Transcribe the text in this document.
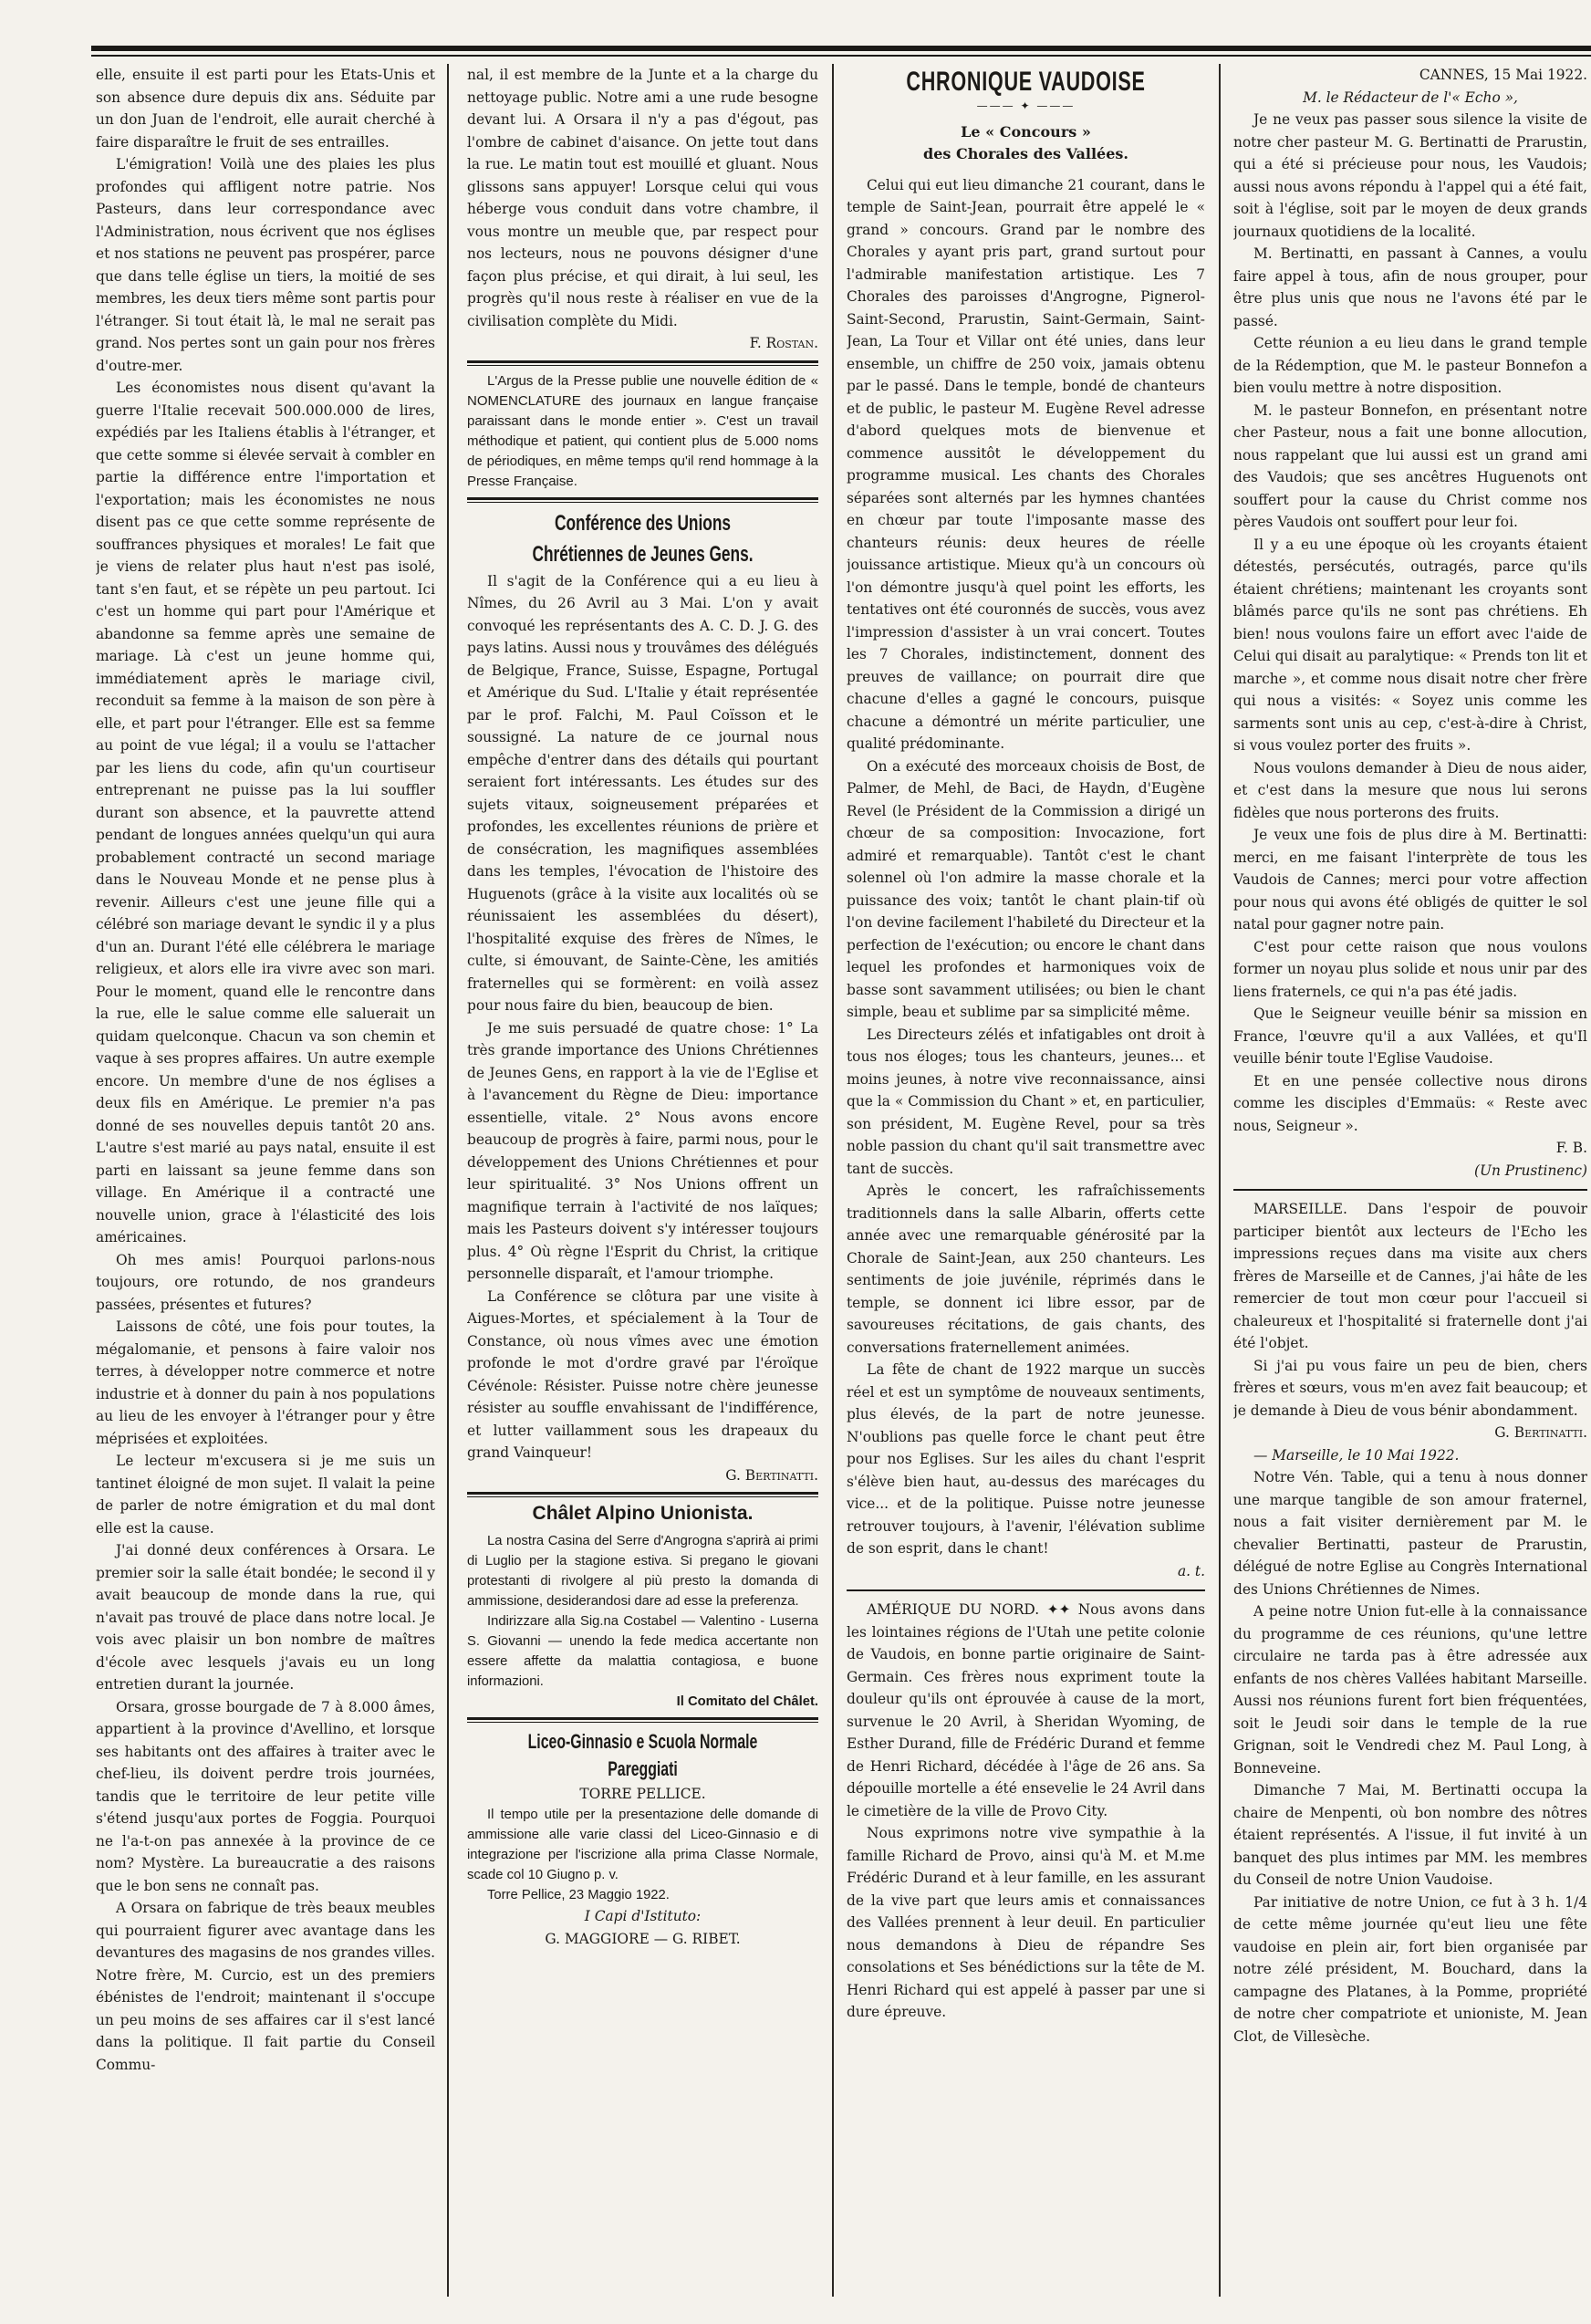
elle, ensuite il est parti pour les Etats-Unis et son absence dure depuis dix ans. Séduite par un don Juan de l'endroit, elle aurait cherché à faire disparaître le fruit de ses entrailles.

L'émigration! Voilà une des plaies les plus profondes qui affligent notre patrie. Nos Pasteurs, dans leur correspondance avec l'Administration, nous écrivent que nos églises et nos stations ne peuvent pas prospérer, parce que dans telle église un tiers, la moitié de ses membres, les deux tiers même sont partis pour l'étranger. Si tout était là, le mal ne serait pas grand. Nos pertes sont un gain pour nos frères d'outre-mer.

Les économistes nous disent qu'avant la guerre l'Italie recevait 500.000.000 de lires, expédiés par les Italiens établis à l'étranger, et que cette somme si élevée servait à combler en partie la différence entre l'importation et l'exportation; mais les économistes ne nous disent pas ce que cette somme représente de souffrances physiques et morales! Le fait que je viens de relater plus haut n'est pas isolé, tant s'en faut, et se répète un peu partout. Ici c'est un homme qui part pour l'Amérique et abandonne sa femme après une semaine de mariage. Là c'est un jeune homme qui, immédiatement après le mariage civil, reconduit sa femme à la maison de son père à elle, et part pour l'étranger. Elle est sa femme au point de vue légal; il a voulu se l'attacher par les liens du code, afin qu'un courtiseur entreprenant ne puisse pas la lui souffler durant son absence, et la pauvrette attend pendant de longues années quelqu'un qui aura probablement contracté un second mariage dans le Nouveau Monde et ne pense plus à revenir. Ailleurs c'est une jeune fille qui a célébré son mariage devant le syndic il y a plus d'un an. Durant l'été elle célébrera le mariage religieux, et alors elle ira vivre avec son mari. Pour le moment, quand elle le rencontre dans la rue, elle le salue comme elle saluerait un quidam quelconque. Chacun va son chemin et vaque à ses propres affaires. Un autre exemple encore. Un membre d'une de nos églises a deux fils en Amérique. Le premier n'a pas donné de ses nouvelles depuis tantôt 20 ans. L'autre s'est marié au pays natal, ensuite il est parti en laissant sa jeune femme dans son village. En Amérique il a contracté une nouvelle union, grace à l'élasticité des lois américaines.

Oh mes amis! Pourquoi parlons-nous toujours, ore rotundo, de nos grandeurs passées, présentes et futures?

Laissons de côté, une fois pour toutes, la mégalomanie, et pensons à faire valoir nos terres, à développer notre commerce et notre industrie et à donner du pain à nos populations au lieu de les envoyer à l'étranger pour y être méprisées et exploitées.

Le lecteur m'excusera si je me suis un tantinet éloigné de mon sujet. Il valait la peine de parler de notre émigration et du mal dont elle est la cause.

J'ai donné deux conférences à Orsara. Le premier soir la salle était bondée; le second il y avait beaucoup de monde dans la rue, qui n'avait pas trouvé de place dans notre local. Je vois avec plaisir un bon nombre de maîtres d'école avec lesquels j'avais eu un long entretien durant la journée.

Orsara, grosse bourgade de 7 à 8.000 âmes, appartient à la province d'Avellino, et lorsque ses habitants ont des affaires à traiter avec le chef-lieu, ils doivent perdre trois journées, tandis que le territoire de leur petite ville s'étend jusqu'aux portes de Foggia. Pourquoi ne l'a-t-on pas annexée à la province de ce nom? Mystère. La bureaucratie a des raisons que le bon sens ne connaît pas.

A Orsara on fabrique de très beaux meubles qui pourraient figurer avec avantage dans les devantures des magasins de nos grandes villes. Notre frère, M. Curcio, est un des premiers ébénistes de l'endroit; maintenant il s'occupe un peu moins de ses affaires car il s'est lancé dans la politique. Il fait partie du Conseil Commu-

nal, il est membre de la Junte et a la charge du nettoyage public. Notre ami a une rude besogne devant lui. A Orsara il n'y a pas d'égout, pas l'ombre de cabinet d'aisance. On jette tout dans la rue. Le matin tout est mouillé et gluant. Nous glissons sans appuyer! Lorsque celui qui vous héberge vous conduit dans votre chambre, il vous montre un meuble que, par respect pour nos lecteurs, nous ne pouvons désigner d'une façon plus précise, et qui dirait, à lui seul, les progrès qu'il nous reste à réaliser en vue de la civilisation complète du Midi.

F. Rostan.

L'Argus de la Presse publie une nouvelle édition de « NOMENCLATURE des journaux en langue française paraissant dans le monde entier ». C'est un travail méthodique et patient, qui contient plus de 5.000 noms de périodiques, en même temps qu'il rend hommage à la Presse Française.

Conférence des Unions Chrétiennes de Jeunes Gens.

Il s'agit de la Conférence qui a eu lieu à Nîmes, du 26 Avril au 3 Mai. L'on y avait convoqué les représentants des A. C. D. J. G. des pays latins. Aussi nous y trouvâmes des délégués de Belgique, France, Suisse, Espagne, Portugal et Amérique du Sud. L'Italie y était représentée par le prof. Falchi, M. Paul Coïsson et le soussigné. La nature de ce journal nous empêche d'entrer dans des détails qui pourtant seraient fort intéressants. Les études sur des sujets vitaux, soigneusement préparées et profondes, les excellentes réunions de prière et de consécration, les magnifiques assemblées dans les temples, l'évocation de l'histoire des Huguenots (grâce à la visite aux localités où se réunissaient les assemblées du désert), l'hospitalité exquise des frères de Nîmes, le culte, si émouvant, de Sainte-Cène, les amitiés fraternelles qui se formèrent: en voilà assez pour nous faire du bien, beaucoup de bien.

Je me suis persuadé de quatre chose: 1° La très grande importance des Unions Chrétiennes de Jeunes Gens, en rapport à la vie de l'Eglise et à l'avancement du Règne de Dieu: importance essentielle, vitale. 2° Nous avons encore beaucoup de progrès à faire, parmi nous, pour le développement des Unions Chrétiennes et pour leur spiritualité. 3° Nos Unions offrent un magnifique terrain à l'activité de nos laïques; mais les Pasteurs doivent s'y intéresser toujours plus. 4° Où règne l'Esprit du Christ, la critique personnelle disparaît, et l'amour triomphe.

La Conférence se clôtura par une visite à Aigues-Mortes, et spécialement à la Tour de Constance, où nous vîmes avec une émotion profonde le mot d'ordre gravé par l'éroïque Cévénole: Résister. Puisse notre chère jeunesse résister au souffle envahissant de l'indifférence, et lutter vaillamment sous les drapeaux du grand Vainqueur!

G. Bertinatti.
Châlet Alpino Unionista.

La nostra Casina del Serre d'Angrogna s'aprirà ai primi di Luglio per la stagione estiva. Si pregano le giovani protestanti di rivolgere al più presto la domanda di ammissione, desiderandosi dare ad esse la preferenza.

Indirizzare alla Sig.na Costabel — Valentino - Luserna S. Giovanni — unendo la fede medica accertante non essere affette da malattia contagiosa, e buone informazioni.

Il Comitato del Châlet.
Liceo-Ginnasio e Scuola Normale Pareggiati
TORRE PELLICE.

Il tempo utile per la presentazione delle domande di ammissione alle varie classi del Liceo-Ginnasio e di integrazione per l'iscrizione alla prima Classe Normale, scade col 10 Giugno p. v.

Torre Pellice, 23 Maggio 1922.

I Capi d'Istituto:
G. MAGGIORE — G. RIBET.
CHRONIQUE VAUDOISE
——— ✦ ———
Le « Concours »
des Chorales des Vallées.

Celui qui eut lieu dimanche 21 courant, dans le temple de Saint-Jean, pourrait être appelé le « grand » concours. Grand par le nombre des Chorales y ayant pris part, grand surtout pour l'admirable manifestation artistique. Les 7 Chorales des paroisses d'Angrogne, Pignerol-Saint-Second, Prarustin, Saint-Germain, Saint-Jean, La Tour et Villar ont été unies, dans leur ensemble, un chiffre de 250 voix, jamais obtenu par le passé. Dans le temple, bondé de chanteurs et de public, le pasteur M. Eugène Revel adresse d'abord quelques mots de bienvenue et commence aussitôt le développement du programme musical. Les chants des Chorales séparées sont alternés par les hymnes chantées en chœur par toute l'imposante masse des chanteurs réunis: deux heures de réelle jouissance artistique. Mieux qu'à un concours où l'on démontre jusqu'à quel point les efforts, les tentatives ont été couronnés de succès, vous avez l'impression d'assister à un vrai concert. Toutes les 7 Chorales, indistinctement, donnent des preuves de vaillance; on pourrait dire que chacune d'elles a gagné le concours, puisque chacune a démontré un mérite particulier, une qualité prédominante.

On a exécuté des morceaux choisis de Bost, de Palmer, de Mehl, de Baci, de Haydn, d'Eugène Revel (le Président de la Commission a dirigé un chœur de sa composition: Invocazione, fort admiré et remarquable). Tantôt c'est le chant solennel où l'on admire la masse chorale et la puissance des voix; tantôt le chant plain-tif où l'on devine facilement l'habileté du Directeur et la perfection de l'exécution; ou encore le chant dans lequel les profondes et harmoniques voix de basse sont savamment utilisées; ou bien le chant simple, beau et sublime par sa simplicité même.

Les Directeurs zélés et infatigables ont droit à tous nos éloges; tous les chanteurs, jeunes... et moins jeunes, à notre vive reconnaissance, ainsi que la « Commission du Chant » et, en particulier, son président, M. Eugène Revel, pour sa très noble passion du chant qu'il sait transmettre avec tant de succès.

Après le concert, les rafraîchissements traditionnels dans la salle Albarin, offerts cette année avec une remarquable générosité par la Chorale de Saint-Jean, aux 250 chanteurs. Les sentiments de joie juvénile, réprimés dans le temple, se donnent ici libre essor, par de savoureuses récitations, de gais chants, des conversations fraternellement animées.

La fête de chant de 1922 marque un succès réel et est un symptôme de nouveaux sentiments, plus élevés, de la part de notre jeunesse. N'oublions pas quelle force le chant peut être pour nos Eglises. Sur les ailes du chant l'esprit s'élève bien haut, au-dessus des marécages du vice... et de la politique. Puisse notre jeunesse retrouver toujours, à l'avenir, l'élévation sublime de son esprit, dans le chant!

a. t.

AMÉRIQUE DU NORD. ✦✦ Nous avons dans les lointaines régions de l'Utah une petite colonie de Vaudois, en bonne partie originaire de Saint-Germain. Ces frères nous expriment toute la douleur qu'ils ont éprouvée à cause de la mort, survenue le 20 Avril, à Sheridan Wyoming, de Esther Durand, fille de Frédéric Durand et femme de Henri Richard, décédée à l'âge de 26 ans. Sa dépouille mortelle a été ensevelie le 24 Avril dans le cimetière de la ville de Provo City.

Nous exprimons notre vive sympathie à la famille Richard de Provo, ainsi qu'à M. et M.me Frédéric Durand et à leur famille, en les assurant de la vive part que leurs amis et connaissances des Vallées prennent à leur deuil. En particulier nous demandons à Dieu de répandre Ses consolations et Ses bénédictions sur la tête de M. Henri Richard qui est appelé à passer par une si dure épreuve.

CANNES, 15 Mai 1922.
M. le Rédacteur de l'« Echo »,

Je ne veux pas passer sous silence la visite de notre cher pasteur M. G. Bertinatti de Prarustin, qui a été si précieuse pour nous, les Vaudois; aussi nous avons répondu à l'appel qui a été fait, soit à l'église, soit par le moyen de deux grands journaux quotidiens de la localité.

M. Bertinatti, en passant à Cannes, a voulu faire appel à tous, afin de nous grouper, pour être plus unis que nous ne l'avons été par le passé.

Cette réunion a eu lieu dans le grand temple de la Rédemption, que M. le pasteur Bonnefon a bien voulu mettre à notre disposition.

M. le pasteur Bonnefon, en présentant notre cher Pasteur, nous a fait une bonne allocution, nous rappelant que lui aussi est un grand ami des Vaudois; que ses ancêtres Huguenots ont souffert pour la cause du Christ comme nos pères Vaudois ont souffert pour leur foi.

Il y a eu une époque où les croyants étaient détestés, persécutés, outragés, parce qu'ils étaient chrétiens; maintenant les croyants sont blâmés parce qu'ils ne sont pas chrétiens. Eh bien! nous voulons faire un effort avec l'aide de Celui qui disait au paralytique: « Prends ton lit et marche », et comme nous disait notre cher frère qui nous a visités: « Soyez unis comme les sarments sont unis au cep, c'est-à-dire à Christ, si vous voulez porter des fruits ».

Nous voulons demander à Dieu de nous aider, et c'est dans la mesure que nous lui serons fidèles que nous porterons des fruits.

Je veux une fois de plus dire à M. Bertinatti: merci, en me faisant l'interprète de tous les Vaudois de Cannes; merci pour votre affection pour nous qui avons été obligés de quitter le sol natal pour gagner notre pain.

C'est pour cette raison que nous voulons former un noyau plus solide et nous unir par des liens fraternels, ce qui n'a pas été jadis.

Que le Seigneur veuille bénir sa mission en France, l'œuvre qu'il a aux Vallées, et qu'Il veuille bénir toute l'Eglise Vaudoise.

Et en une pensée collective nous dirons comme les disciples d'Emmaüs: « Reste avec nous, Seigneur ».

F. B.
(Un Prustinenc)

MARSEILLE. Dans l'espoir de pouvoir participer bientôt aux lecteurs de l'Echo les impressions reçues dans ma visite aux chers frères de Marseille et de Cannes, j'ai hâte de les remercier de tout mon cœur pour l'accueil si chaleureux et l'hospitalité si fraternelle dont j'ai été l'objet.

Si j'ai pu vous faire un peu de bien, chers frères et sœurs, vous m'en avez fait beaucoup; et je demande à Dieu de vous bénir abondamment.

G. Bertinatti.

— Marseille, le 10 Mai 1922.

Notre Vén. Table, qui a tenu à nous donner une marque tangible de son amour fraternel, nous a fait visiter dernièrement par M. le chevalier Bertinatti, pasteur de Prarustin, délégué de notre Eglise au Congrès International des Unions Chrétiennes de Nimes.

A peine notre Union fut-elle à la connaissance du programme de ces réunions, qu'une lettre circulaire ne tarda pas à être adressée aux enfants de nos chères Vallées habitant Marseille. Aussi nos réunions furent fort bien fréquentées, soit le Jeudi soir dans le temple de la rue Grignan, soit le Vendredi chez M. Paul Long, à Bonneveine.

Dimanche 7 Mai, M. Bertinatti occupa la chaire de Menpenti, où bon nombre des nôtres étaient représentés. A l'issue, il fut invité à un banquet des plus intimes par MM. les membres du Conseil de notre Union Vaudoise.

Par initiative de notre Union, ce fut à 3 h. 1/4 de cette même journée qu'eut lieu une fête vaudoise en plein air, fort bien organisée par notre zélé président, M. Bouchard, dans la campagne des Platanes, à la Pomme, propriété de notre cher compatriote et unioniste, M. Jean Clot, de Villesèche.
